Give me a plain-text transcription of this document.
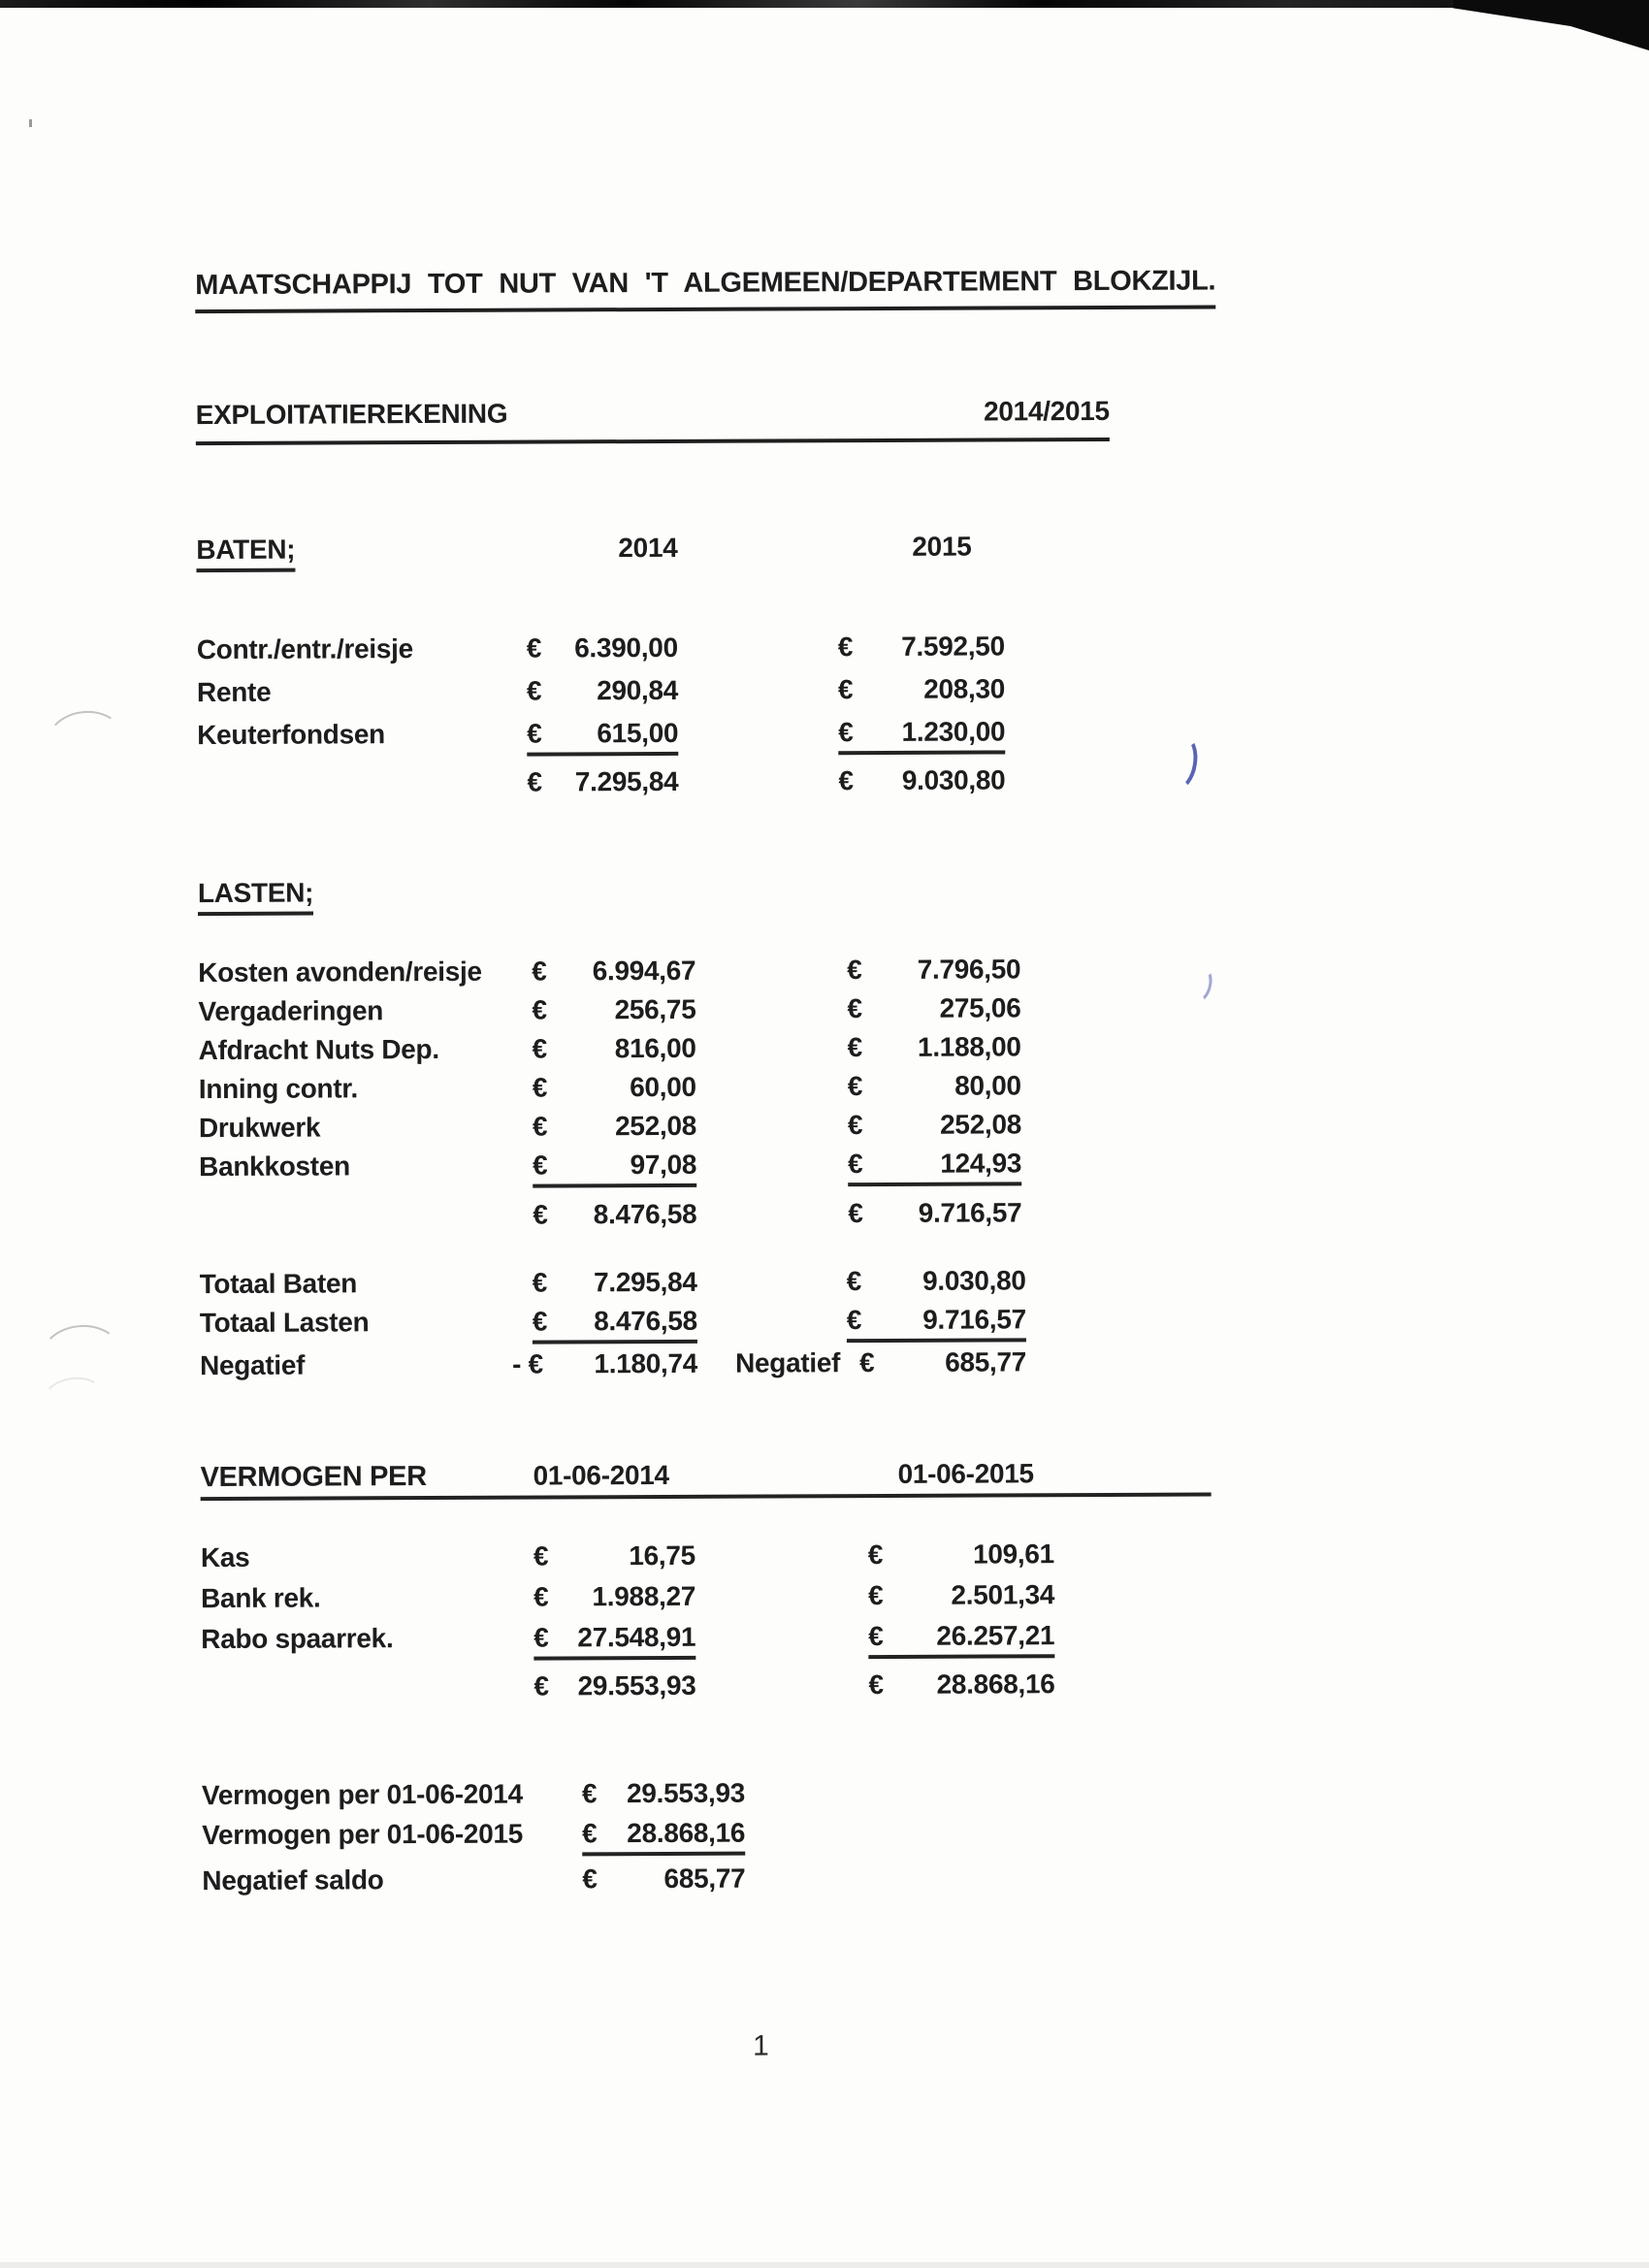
MAATSCHAPPIJ TOT NUT VAN 'T ALGEMEEN/DEPARTEMENT BLOKZIJL.
EXPLOITATIEREKENING	2014/2015
BATEN;	2014	2015
Contr./entr./reisje	€ 6.390,00	€ 7.592,50
Rente	€ 290,84	€	208,30
Keuterfondsen	€ 615,00	€ 1.230,00
€ 7.295,84	€ 9.030,80
LASTEN;
Kosten avonden/reisje € 6.994,67	€ 7.796,50
Vergaderingen	€ 256,75	€	275,06
Afdracht Nuts Dep.	€ 816,00	€ 1.188,00
Inning contr.	€	60,00	€	80,00
Drukwerk	€ 252,08	€	252,08
Bankkosten	€	97,08	€	124,93
€ 8.476,58	€ 9.716,57
Totaal Baten	€ 7.295,84	€ 9.030,80
Totaal Lasten	€ 8.476,58	€ 9.716,57
Negatief	- € 1.180,74 Negatief €	685,77
VERMOGEN PER	01-06-2014	01-06-2015
Kas	€	16,75	€	109,61
Bank rek.	€ 1.988,27	€ 2.501,34
Rabo spaarrek.	€ 27.548,91	€ 26.257,21
€ 29.553,93	€ 28.868,16
Vermogen per 01-06-2014 € 29.553,93
Vermogen per 01-06-2015 € 28.868,16
Negatief saldo	€ 685,77
1
